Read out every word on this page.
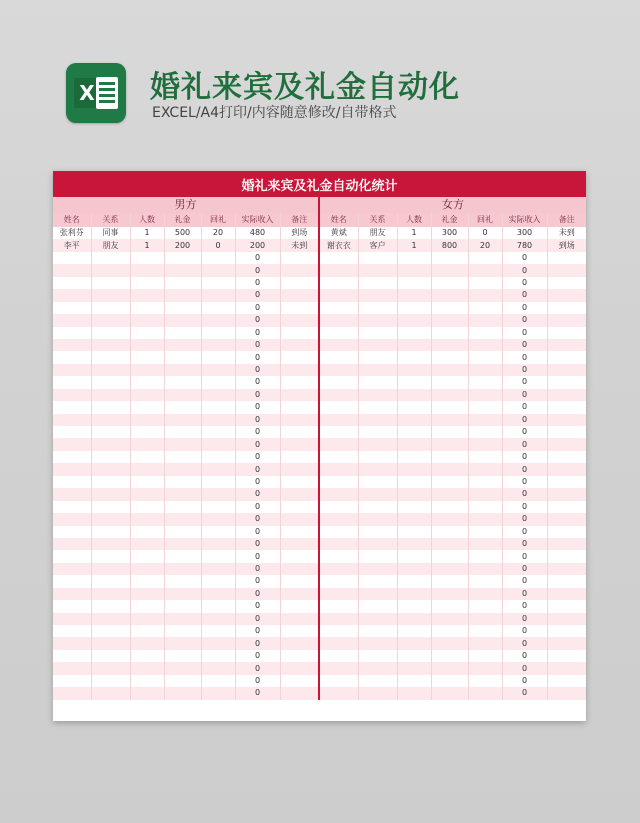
X 婚礼来宾及礼金自动化
EXCEL/A4打印/内容随意修改/自带格式
婚礼来宾及礼金自动化统计
男方
姓名	关系	人数	礼金	回礼	实际收入	备注
张利芬	同事	1	500	20	480	到场
李平	朋友	1	200	0	200	未到
					0	
					0	
					0	
					0	
					0	
					0	
					0	
					0	
					0	
					0	
					0	
					0	
					0	
					0	
					0	
					0	
					0	
					0	
					0	
					0	
					0	
					0	
					0	
					0	
					0	
					0	
					0	
					0	
					0	
					0	
					0	
					0	
					0	
					0	
					0	
					0	
女方
姓名	关系	人数	礼金	回礼	实际收入	备注
黄斌	朋友	1	300	0	300	未到
谢衣衣	客户	1	800	20	780	到场
					0	
					0	
					0	
					0	
					0	
					0	
					0	
					0	
					0	
					0	
					0	
					0	
					0	
					0	
					0	
					0	
					0	
					0	
					0	
					0	
					0	
					0	
					0	
					0	
					0	
					0	
					0	
					0	
					0	
					0	
					0	
					0	
					0	
					0	
					0	
					0	
